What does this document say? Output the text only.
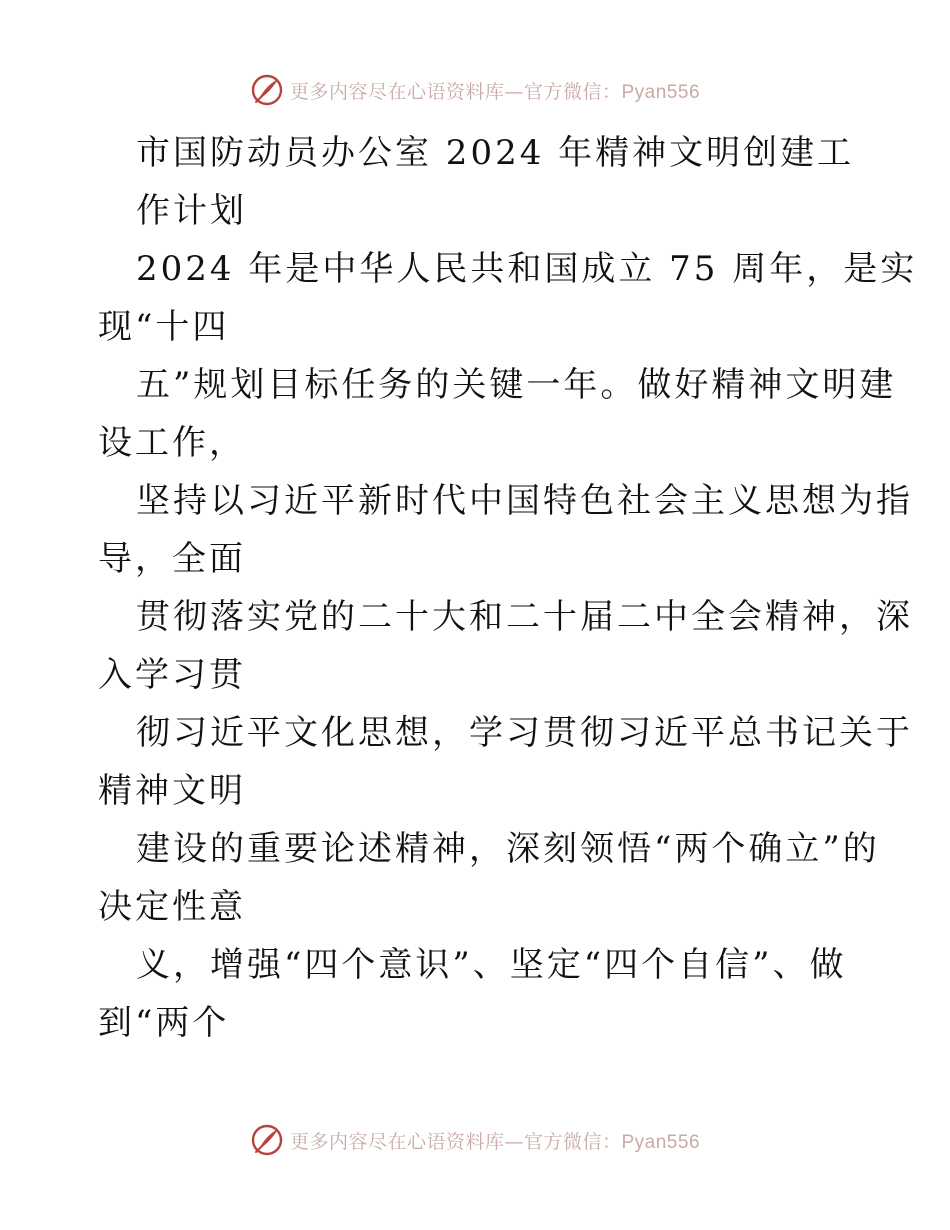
更多内容尽在心语资料库—官方微信：Pyan556
市国防动员办公室 2024 年精神文明创建工
作计划
2024 年是中华人民共和国成立 75 周年，是实
现“十四
五”规划目标任务的关键一年。做好精神文明建
设工作，
坚持以习近平新时代中国特色社会主义思想为指
导，全面
贯彻落实党的二十大和二十届二中全会精神，深
入学习贯
彻习近平文化思想，学习贯彻习近平总书记关于
精神文明
建设的重要论述精神，深刻领悟“两个确立”的
决定性意
义，增强“四个意识”、坚定“四个自信”、做
到“两个
更多内容尽在心语资料库—官方微信：Pyan556
